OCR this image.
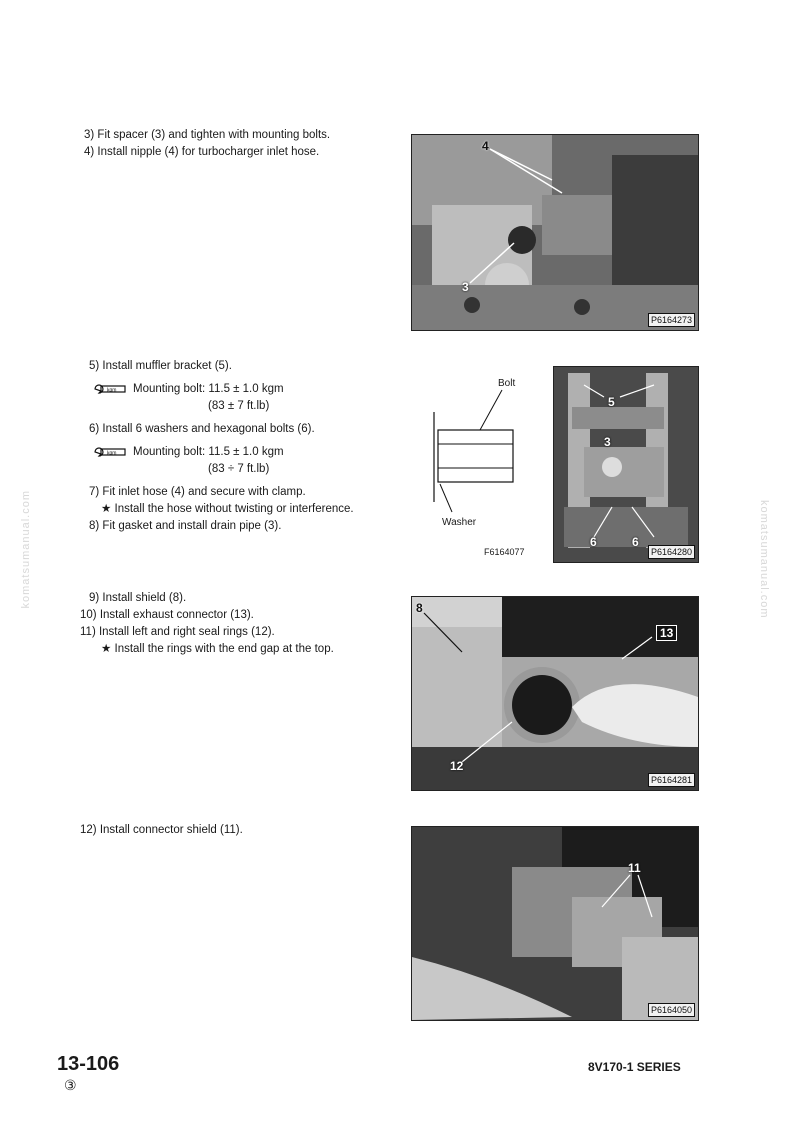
komatsumanual.com	komatsumanual.com
3) Fit spacer (3) and tighten with mounting bolts.
4) Install nipple (4) for turbocharger inlet hose.	4
3
P6164273
5) Install muffler bracket (5).
kgm Mounting bolt: 11.5 ± 1.0 kgm
(83 ± 7 ft.lb)
6) Install 6 washers and hexagonal bolts (6).
kgm Mounting bolt: 11.5 ± 1.0 kgm
(83 ÷ 7 ft.lb)
7) Fit inlet hose (4) and secure with clamp.
★ Install the hose without twisting or interference.
8) Fit gasket and install drain pipe (3).
Bolt
Washer
F6164077
5
3
6	6
P6164280
9) Install shield (8).
10) Install exhaust connector (13).
11) Install left and right seal rings (12).
★ Install the rings with the end gap at the top.
8
13
12
P6164281
12) Install connector shield (11).
11
P6164050
13-106
③
8V170-1 SERIES
